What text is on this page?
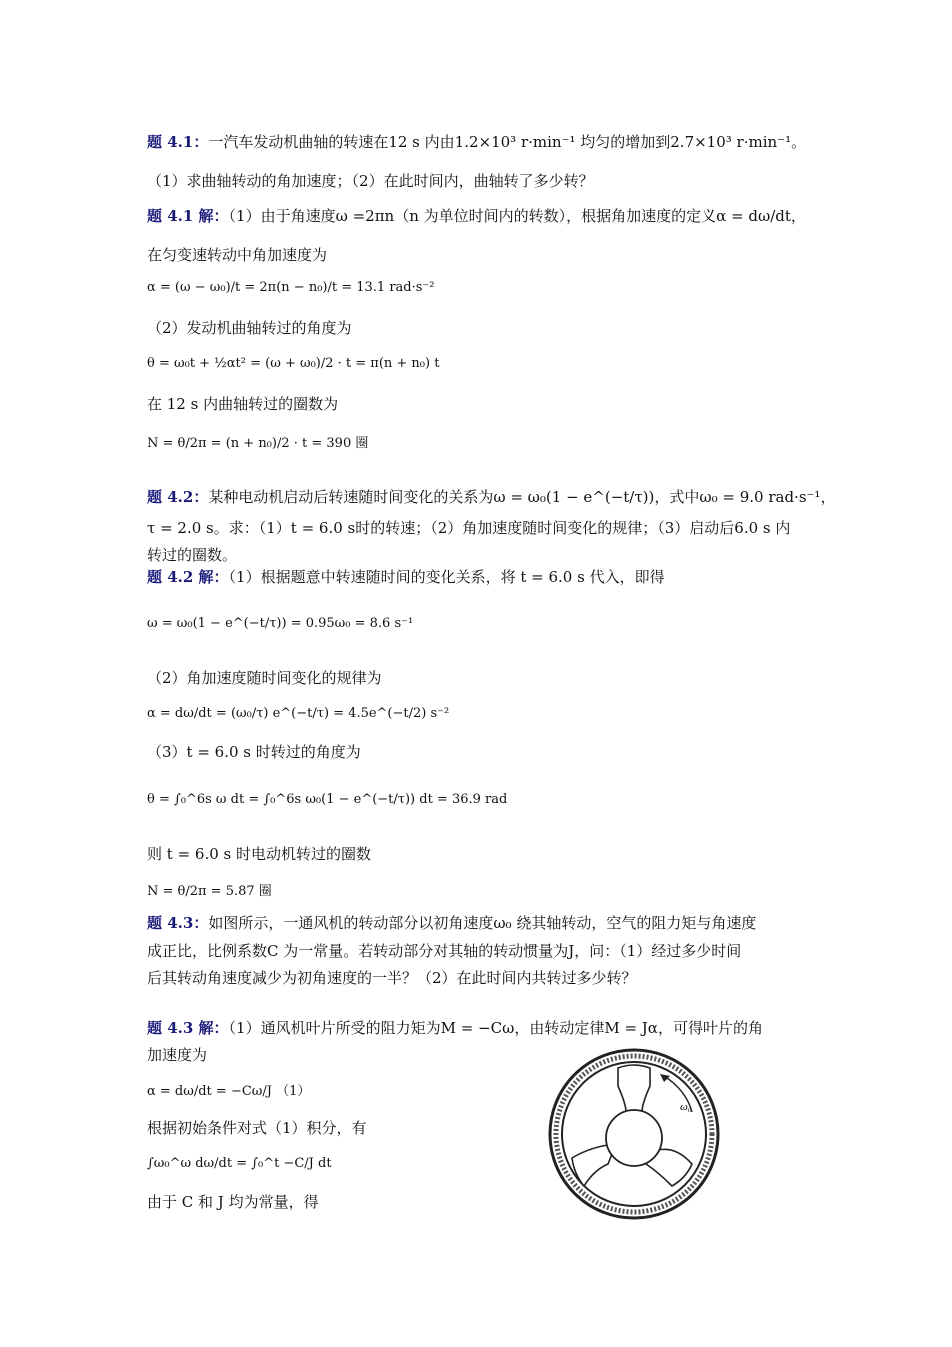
题 4.1：一汽车发动机曲轴的转速在12 s 内由1.2×10³ r·min⁻¹ 均匀的增加到2.7×10³ r·min⁻¹。
（1）求曲轴转动的角加速度；（2）在此时间内，曲轴转了多少转？
题 4.1 解：（1）由于角速度ω =2πn（n 为单位时间内的转数），根据角加速度的定义α = dω/dt，
在匀变速转动中角加速度为
α = (ω − ω₀)/t = 2π(n − n₀)/t = 13.1 rad·s⁻²
（2）发动机曲轴转过的角度为
θ = ω₀t + ½αt² = (ω + ω₀)/2 · t = π(n + n₀) t
在 12 s 内曲轴转过的圈数为
N = θ/2π = (n + n₀)/2 · t = 390 圈
题 4.2：某种电动机启动后转速随时间变化的关系为ω = ω₀(1 − e^(−t/τ))，式中ω₀ = 9.0 rad·s⁻¹，
τ = 2.0 s。求：（1）t = 6.0 s时的转速；（2）角加速度随时间变化的规律；（3）启动后6.0 s 内
转过的圈数。
题 4.2 解：（1）根据题意中转速随时间的变化关系，将 t = 6.0 s 代入，即得
ω = ω₀(1 − e^(−t/τ)) = 0.95ω₀ = 8.6 s⁻¹
（2）角加速度随时间变化的规律为
α = dω/dt = (ω₀/τ) e^(−t/τ) = 4.5e^(−t/2) s⁻²
（3）t = 6.0 s 时转过的角度为
θ = ∫₀^6s ω dt = ∫₀^6s ω₀(1 − e^(−t/τ)) dt = 36.9 rad
则 t = 6.0 s 时电动机转过的圈数
N = θ/2π = 5.87 圈
题 4.3：如图所示，一通风机的转动部分以初角速度ω₀ 绕其轴转动，空气的阻力矩与角速度
成正比，比例系数C 为一常量。若转动部分对其轴的转动惯量为J，问：（1）经过多少时间
后其转动角速度减少为初角速度的一半？（2）在此时间内共转过多少转？
题 4.3 解：（1）通风机叶片所受的阻力矩为M = −Cω，由转动定律M = Jα，可得叶片的角
加速度为
α = dω/dt = −Cω/J （1）
根据初始条件对式（1）积分，有
∫ω₀^ω dω/dt = ∫₀^t −C/J dt
由于 C 和 J 均为常量，得
ω₀
